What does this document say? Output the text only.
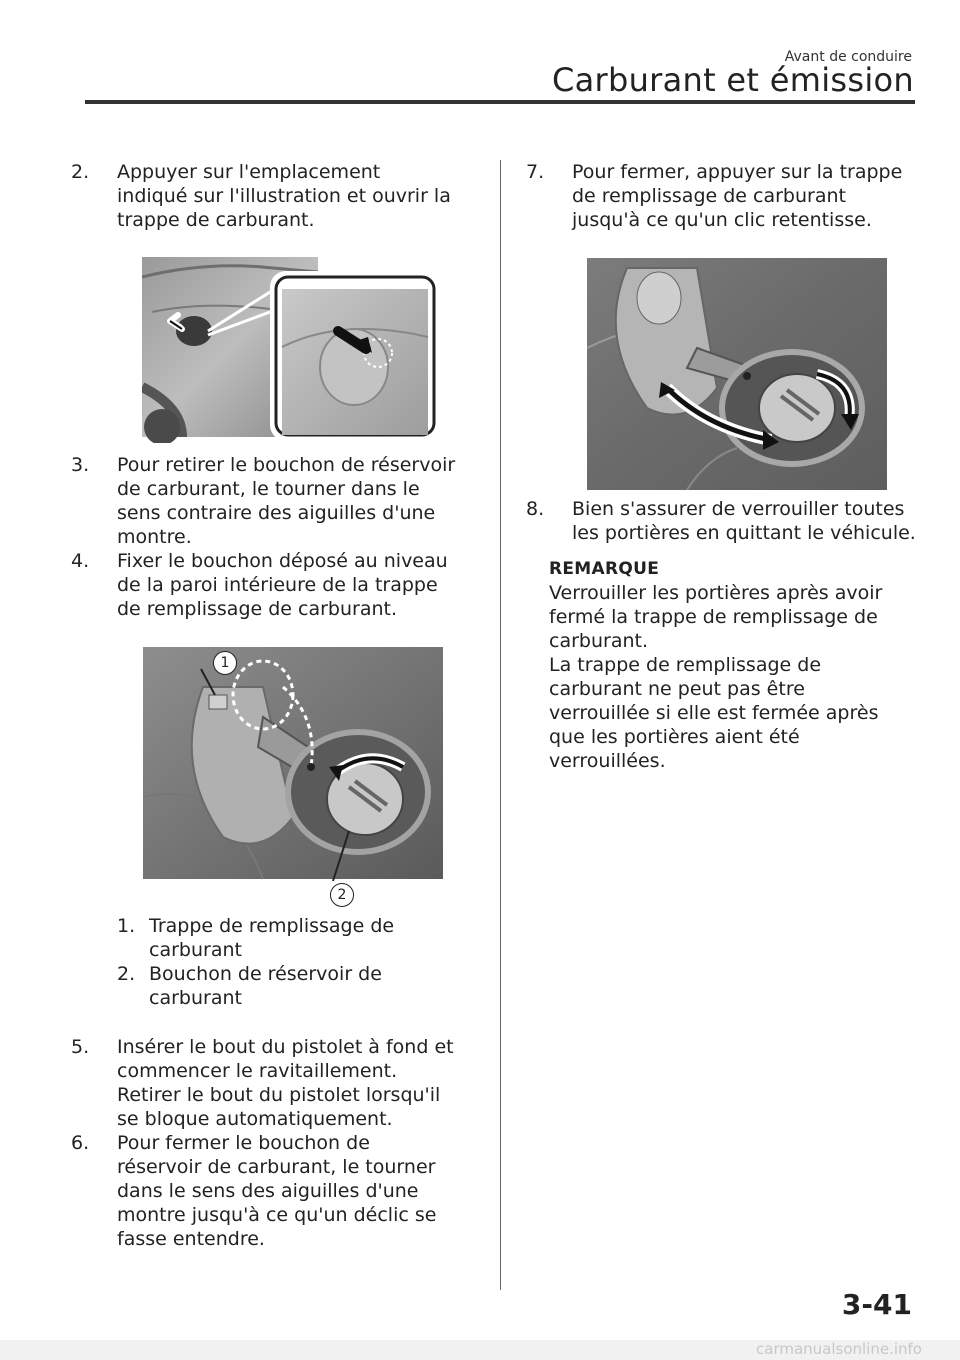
Avant de conduire
Carburant et émission
2. Appuyer sur l'emplacement
indiqué sur l'illustration et ouvrir la
trappe de carburant.
3. Pour retirer le bouchon de réservoir
de carburant, le tourner dans le
sens contraire des aiguilles d'une
montre.
4. Fixer le bouchon déposé au niveau
de la paroi intérieure de la trappe
de remplissage de carburant.
1
2
1. Trappe de remplissage de
carburant
2. Bouchon de réservoir de
carburant
5. Insérer le bout du pistolet à fond et
commencer le ravitaillement.
Retirer le bout du pistolet lorsqu'il
se bloque automatiquement.
6. Pour fermer le bouchon de
réservoir de carburant, le tourner
dans le sens des aiguilles d'une
montre jusqu'à ce qu'un déclic se
fasse entendre.
7. Pour fermer, appuyer sur la trappe
de remplissage de carburant
jusqu'à ce qu'un clic retentisse.
8. Bien s'assurer de verrouiller toutes
les portières en quittant le véhicule.
REMARQUE
Verrouiller les portières après avoir
fermé la trappe de remplissage de
carburant.
La trappe de remplissage de
carburant ne peut pas être
verrouillée si elle est fermée après
que les portières aient été
verrouillées.
3-41
carmanualsonline.info
